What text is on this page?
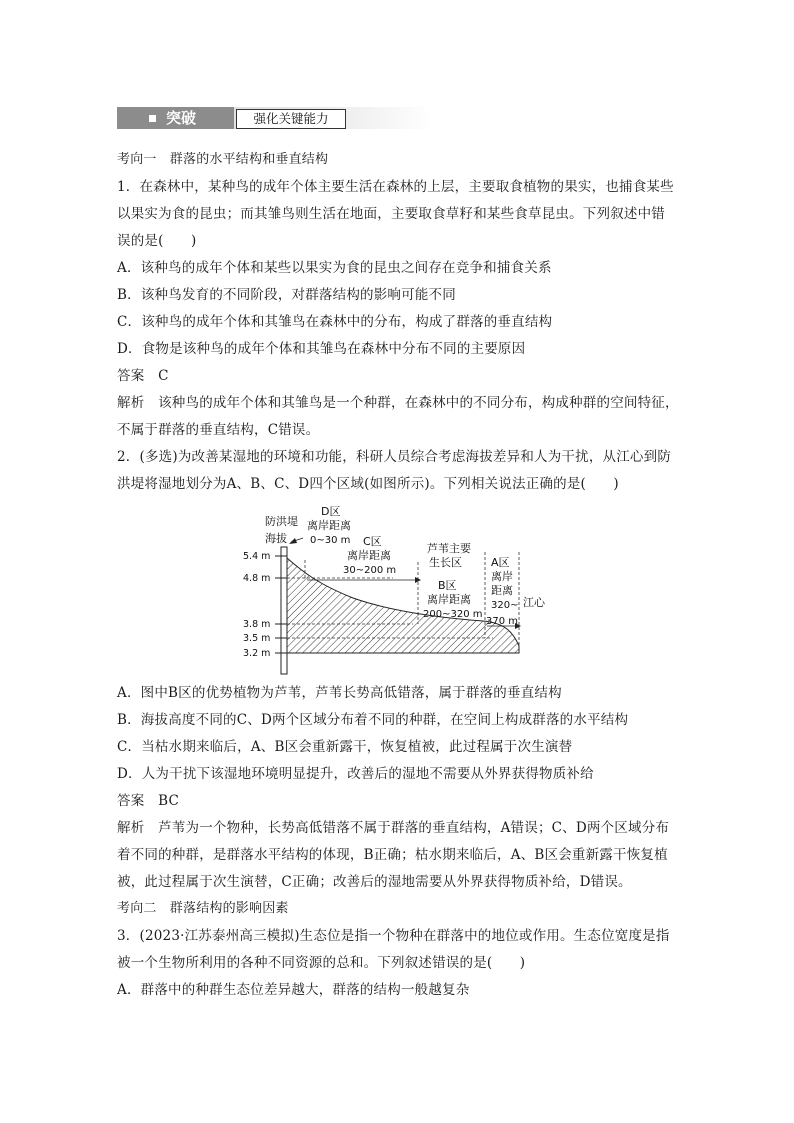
突破	强化关键能力
考向一　群落的水平结构和垂直结构
1．在森林中，某种鸟的成年个体主要生活在森林的上层，主要取食植物的果实，也捕食某些
以果实为食的昆虫；而其雏鸟则生活在地面，主要取食草籽和某些食草昆虫。下列叙述中错
误的是(　　)
A．该种鸟的成年个体和某些以果实为食的昆虫之间存在竞争和捕食关系
B．该种鸟发育的不同阶段，对群落结构的影响可能不同
C．该种鸟的成年个体和其雏鸟在森林中的分布，构成了群落的垂直结构
D．食物是该种鸟的成年个体和其雏鸟在森林中分布不同的主要原因
答案　C
解析　该种鸟的成年个体和其雏鸟是一个种群，在森林中的不同分布，构成种群的空间特征，
不属于群落的垂直结构，C错误。
2．(多选)为改善某湿地的环境和功能，科研人员综合考虑海拔差异和人为干扰，从江心到防
洪堤将湿地划分为A、B、C、D四个区域(如图所示)。下列相关说法正确的是(　　)
防洪堤
海拔
5.4 m
4.8 m
3.8 m
3.5 m
3.2 m
D区
离岸距离
0~30 m C区
离岸距离
30~200 m
芦苇主要
生长区
B区
离岸距离
200~320 m
A区
离岸
距离
320~
370 m
江心
A．图中B区的优势植物为芦苇，芦苇长势高低错落，属于群落的垂直结构
B．海拔高度不同的C、D两个区域分布着不同的种群，在空间上构成群落的水平结构
C．当枯水期来临后，A、B区会重新露干，恢复植被，此过程属于次生演替
D．人为干扰下该湿地环境明显提升，改善后的湿地不需要从外界获得物质补给
答案　BC
解析　芦苇为一个物种，长势高低错落不属于群落的垂直结构，A错误；C、D两个区域分布
着不同的种群，是群落水平结构的体现，B正确；枯水期来临后，A、B区会重新露干恢复植
被，此过程属于次生演替，C正确；改善后的湿地需要从外界获得物质补给，D错误。
考向二　群落结构的影响因素
3．(2023·江苏泰州高三模拟)生态位是指一个物种在群落中的地位或作用。生态位宽度是指
被一个生物所利用的各种不同资源的总和。下列叙述错误的是(　　)
A．群落中的种群生态位差异越大，群落的结构一般越复杂
